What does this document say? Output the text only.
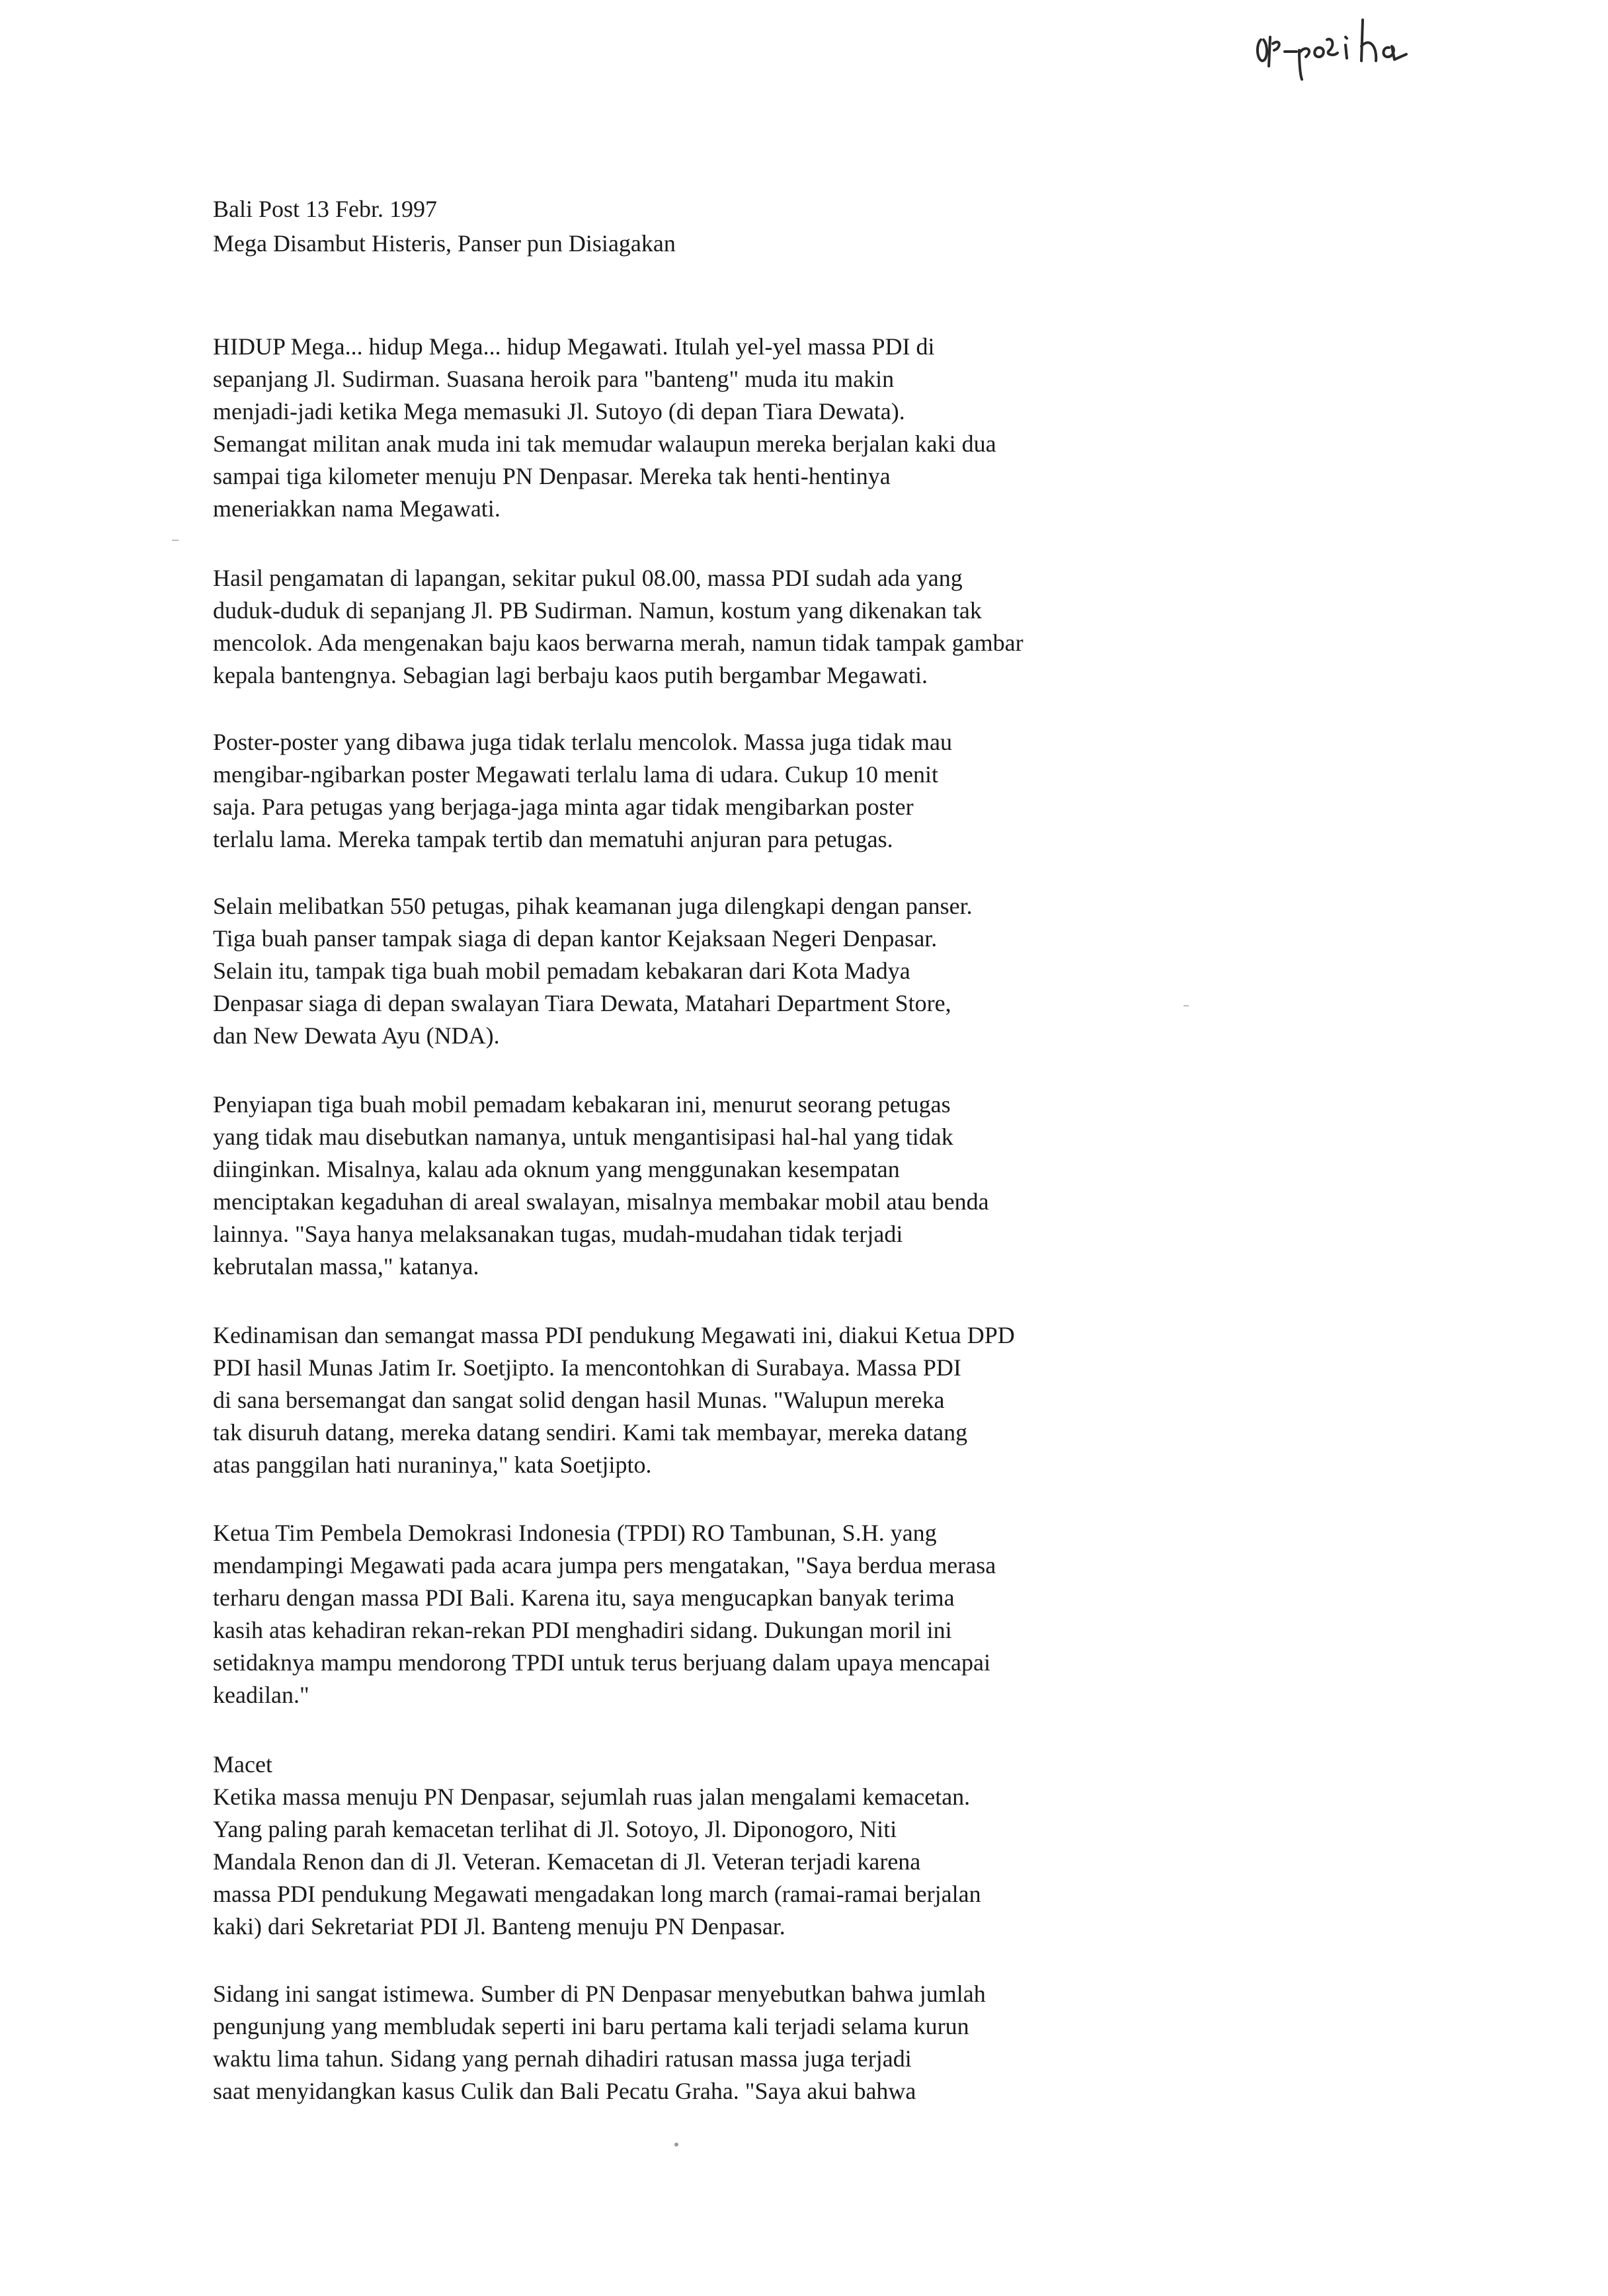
Bali Post 13 Febr. 1997
Mega Disambut Histeris, Panser pun Disiagakan
HIDUP Mega... hidup Mega... hidup Megawati. Itulah yel-yel massa PDI di
sepanjang Jl. Sudirman. Suasana heroik para "banteng" muda itu makin
menjadi-jadi ketika Mega memasuki Jl. Sutoyo (di depan Tiara Dewata).
Semangat militan anak muda ini tak memudar walaupun mereka berjalan kaki dua
sampai tiga kilometer menuju PN Denpasar. Mereka tak henti-hentinya
meneriakkan nama Megawati.
Hasil pengamatan di lapangan, sekitar pukul 08.00, massa PDI sudah ada yang
duduk-duduk di sepanjang Jl. PB Sudirman. Namun, kostum yang dikenakan tak
mencolok. Ada mengenakan baju kaos berwarna merah, namun tidak tampak gambar
kepala bantengnya. Sebagian lagi berbaju kaos putih bergambar Megawati.
Poster-poster yang dibawa juga tidak terlalu mencolok. Massa juga tidak mau
mengibar-ngibarkan poster Megawati terlalu lama di udara. Cukup 10 menit
saja. Para petugas yang berjaga-jaga minta agar tidak mengibarkan poster
terlalu lama. Mereka tampak tertib dan mematuhi anjuran para petugas.
Selain melibatkan 550 petugas, pihak keamanan juga dilengkapi dengan panser.
Tiga buah panser tampak siaga di depan kantor Kejaksaan Negeri Denpasar.
Selain itu, tampak tiga buah mobil pemadam kebakaran dari Kota Madya
Denpasar siaga di depan swalayan Tiara Dewata, Matahari Department Store,
dan New Dewata Ayu (NDA).
Penyiapan tiga buah mobil pemadam kebakaran ini, menurut seorang petugas
yang tidak mau disebutkan namanya, untuk mengantisipasi hal-hal yang tidak
diinginkan. Misalnya, kalau ada oknum yang menggunakan kesempatan
menciptakan kegaduhan di areal swalayan, misalnya membakar mobil atau benda
lainnya. "Saya hanya melaksanakan tugas, mudah-mudahan tidak terjadi
kebrutalan massa," katanya.
Kedinamisan dan semangat massa PDI pendukung Megawati ini, diakui Ketua DPD
PDI hasil Munas Jatim Ir. Soetjipto. Ia mencontohkan di Surabaya. Massa PDI
di sana bersemangat dan sangat solid dengan hasil Munas. "Walupun mereka
tak disuruh datang, mereka datang sendiri. Kami tak membayar, mereka datang
atas panggilan hati nuraninya," kata Soetjipto.
Ketua Tim Pembela Demokrasi Indonesia (TPDI) RO Tambunan, S.H. yang
mendampingi Megawati pada acara jumpa pers mengatakan, "Saya berdua merasa
terharu dengan massa PDI Bali. Karena itu, saya mengucapkan banyak terima
kasih atas kehadiran rekan-rekan PDI menghadiri sidang. Dukungan moril ini
setidaknya mampu mendorong TPDI untuk terus berjuang dalam upaya mencapai
keadilan."
Macet
Ketika massa menuju PN Denpasar, sejumlah ruas jalan mengalami kemacetan.
Yang paling parah kemacetan terlihat di Jl. Sotoyo, Jl. Diponogoro, Niti
Mandala Renon dan di Jl. Veteran. Kemacetan di Jl. Veteran terjadi karena
massa PDI pendukung Megawati mengadakan long march (ramai-ramai berjalan
kaki) dari Sekretariat PDI Jl. Banteng menuju PN Denpasar.
Sidang ini sangat istimewa. Sumber di PN Denpasar menyebutkan bahwa jumlah
pengunjung yang membludak seperti ini baru pertama kali terjadi selama kurun
waktu lima tahun. Sidang yang pernah dihadiri ratusan massa juga terjadi
saat menyidangkan kasus Culik dan Bali Pecatu Graha. "Saya akui bahwa
